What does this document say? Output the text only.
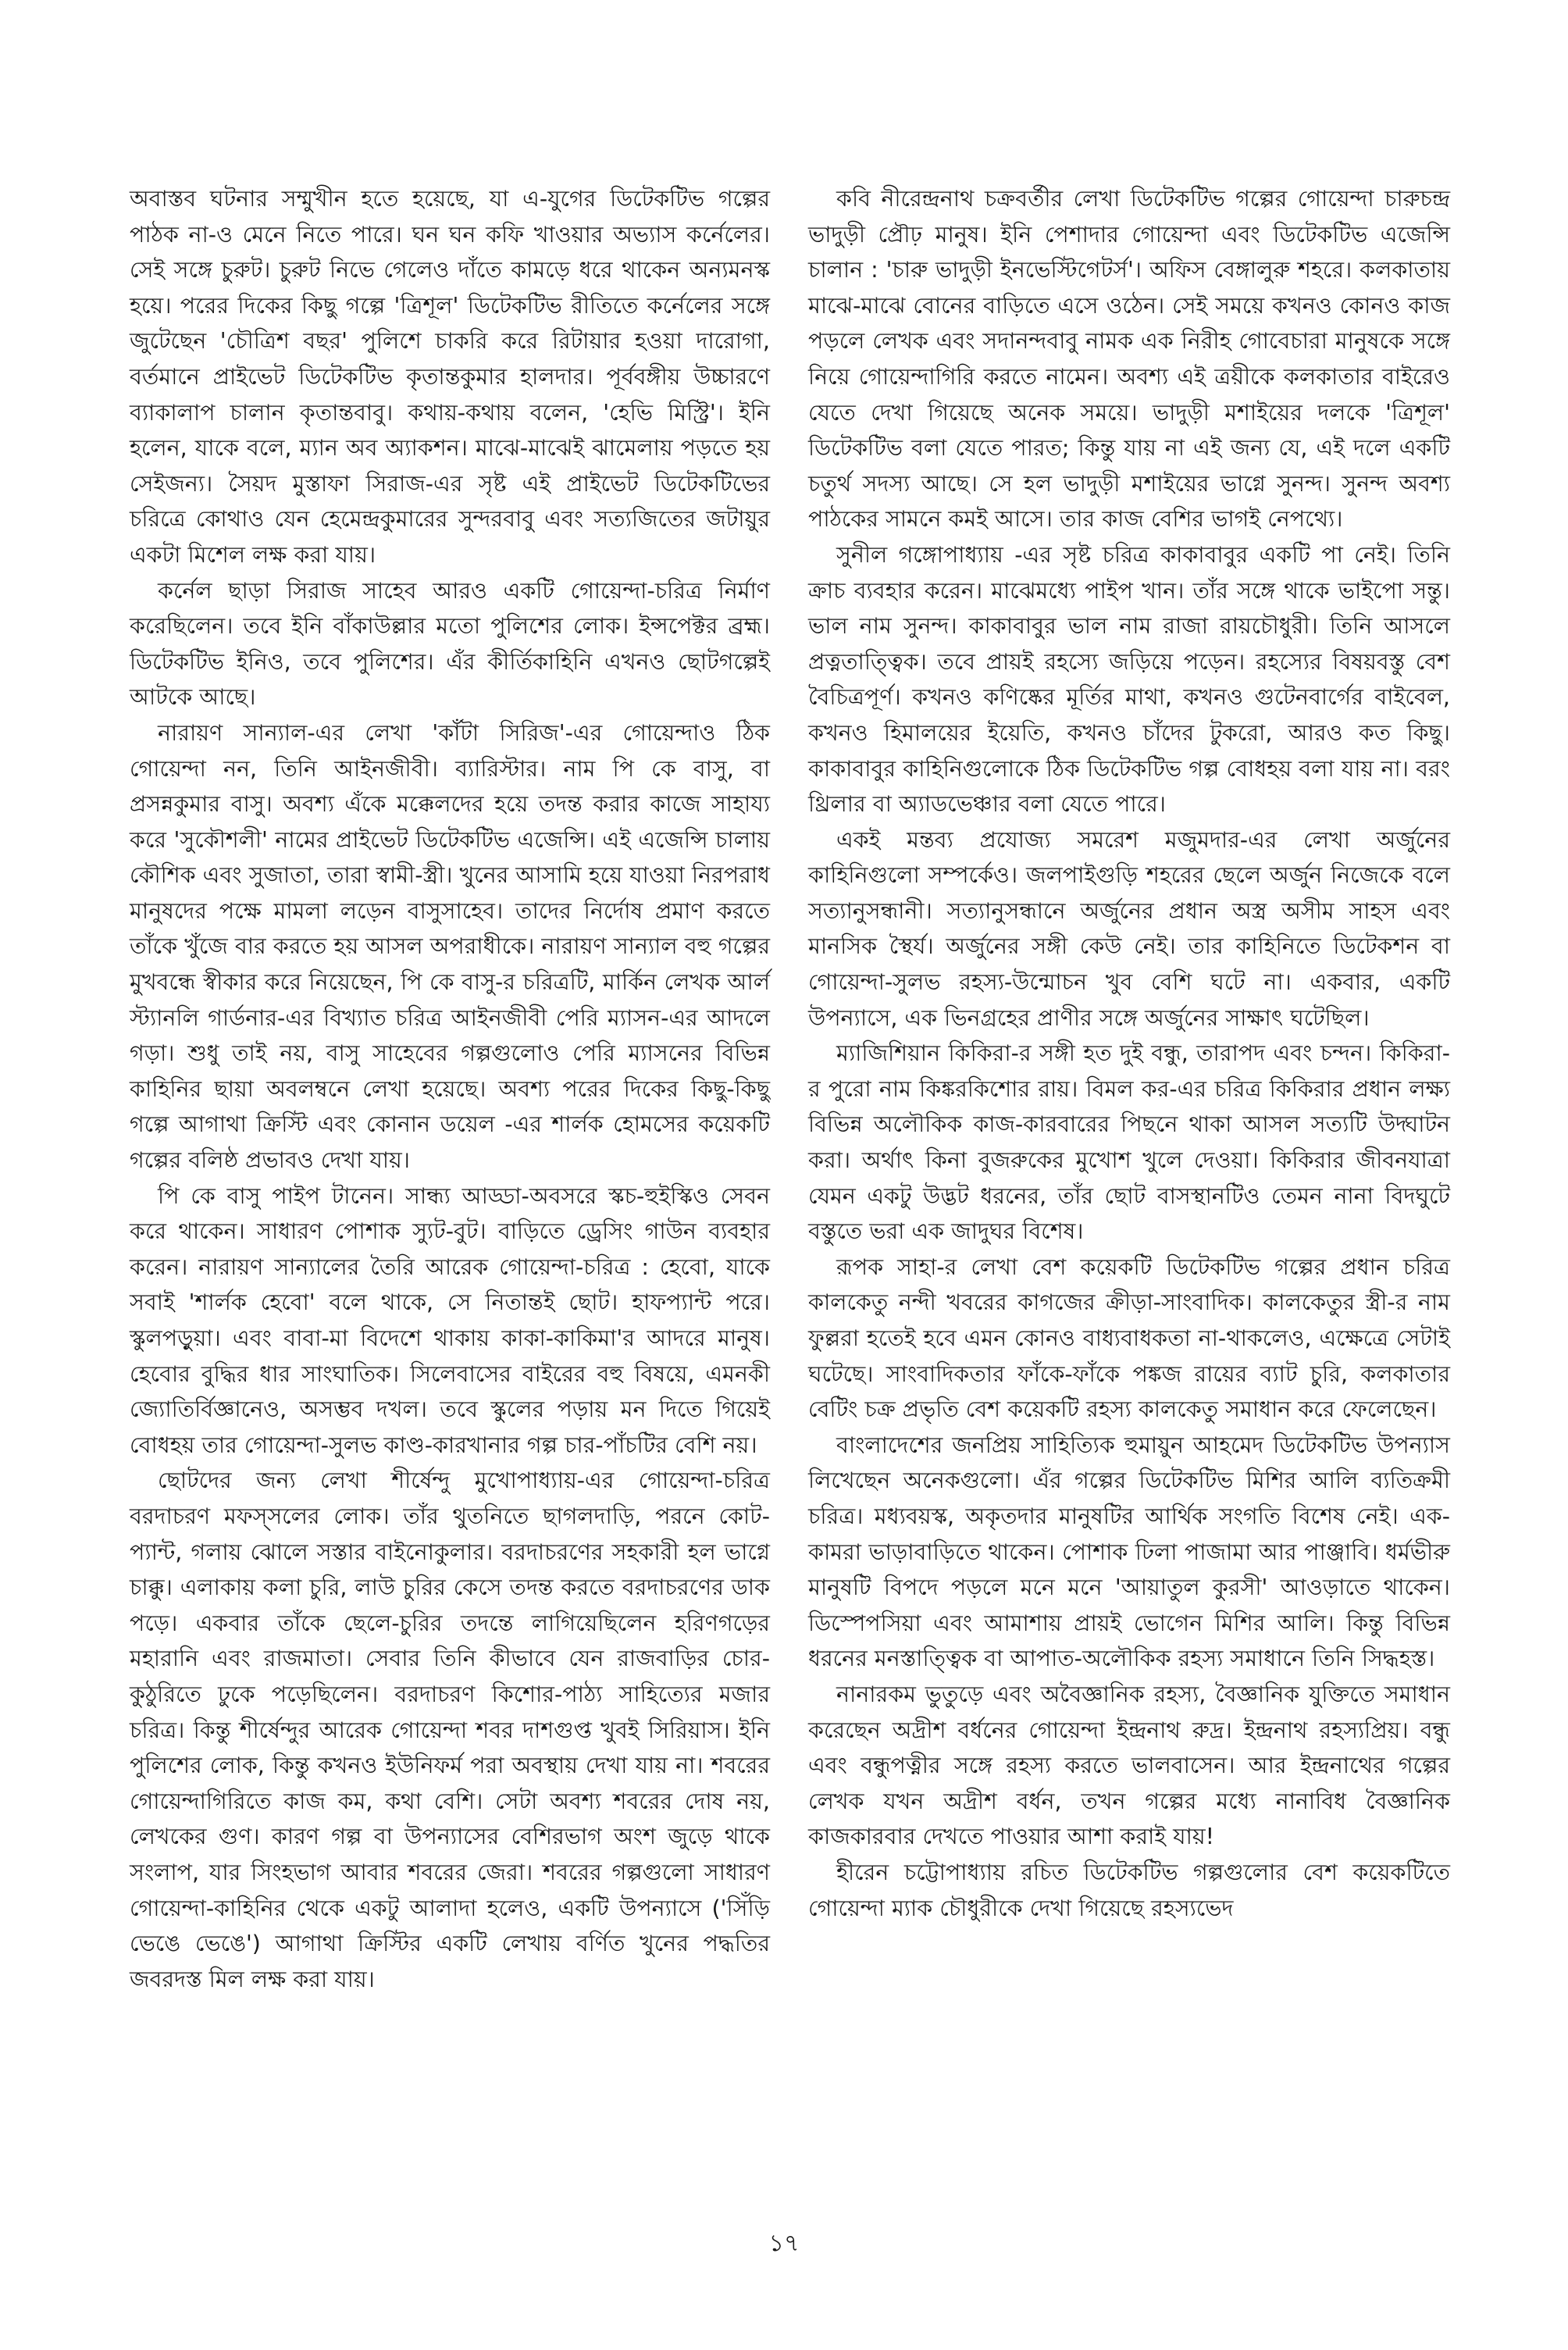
অবাস্তব ঘটনার সম্মুখীন হতে হয়েছে, যা এ-যুগের ডিটেকটিভ গল্পের পাঠক না-ও মেনে নিতে পারে। ঘন ঘন কফি খাওয়ার অভ্যাস কর্নেলের। সেই সঙ্গে চুরুট। চুরুট নিভে গেলেও দাঁতে কামড়ে ধরে থাকেন অন্যমনস্ক হয়ে। পরের দিকের কিছু গল্পে 'ত্রিশূল' ডিটেকটিভ রীতিতে কর্নেলের সঙ্গে জুটেছেন 'চৌত্রিশ বছর' পুলিশে চাকরি করে রিটায়ার হওয়া দারোগা, বর্তমানে প্রাইভেট ডিটেকটিভ কৃতান্তকুমার হালদার। পূর্ববঙ্গীয় উচ্চারণে ব্যাকালাপ চালান কৃতান্তবাবু। কথায়-কথায় বলেন, 'হেভি মিস্ট্রি'। ইনি হলেন, যাকে বলে, ম্যান অব অ্যাকশন। মাঝে-মাঝেই ঝামেলায় পড়তে হয় সেইজন্য। সৈয়দ মুস্তাফা সিরাজ-এর সৃষ্ট এই প্রাইভেট ডিটেকটিভের চরিত্রে কোথাও যেন হেমেন্দ্রকুমারের সুন্দরবাবু এবং সত্যজিতের জটায়ুর একটা মিশেল লক্ষ করা যায়।

কর্নেল ছাড়া সিরাজ সাহেব আরও একটি গোয়েন্দা-চরিত্র নির্মাণ করেছিলেন। তবে ইনি বাঁকাউল্লার মতো পুলিশের লোক। ইন্সপেক্টর ব্রহ্ম। ডিটেকটিভ ইনিও, তবে পুলিশের। এঁর কীর্তিকাহিনি এখনও ছোটগল্পেই আটকে আছে।

নারায়ণ সান্যাল-এর লেখা 'কাঁটা সিরিজ'-এর গোয়েন্দাও ঠিক গোয়েন্দা নন, তিনি আইনজীবী। ব্যারিস্টার। নাম পি কে বাসু, বা প্রসন্নকুমার বাসু। অবশ্য এঁকে মক্কেলদের হয়ে তদন্ত করার কাজে সাহায্য করে 'সুকৌশলী' নামের প্রাইভেট ডিটেকটিভ এজেন্সি। এই এজেন্সি চালায় কৌশিক এবং সুজাতা, তারা স্বামী-স্ত্রী। খুনের আসামি হয়ে যাওয়া নিরপরাধ মানুষদের পক্ষে মামলা লড়েন বাসুসাহেব। তাদের নির্দোষ প্রমাণ করতে তাঁকে খুঁজে বার করতে হয় আসল অপরাধীকে। নারায়ণ সান্যাল বহু গল্পের মুখবন্ধে স্বীকার করে নিয়েছেন, পি কে বাসু-র চরিত্রটি, মার্কিন লেখক আর্ল স্ট্যানলি গার্ডনার-এর বিখ্যাত চরিত্র আইনজীবী পেরি ম্যাসন-এর আদলে গড়া। শুধু তাই নয়, বাসু সাহেবের গল্পগুলোও পেরি ম্যাসনের বিভিন্ন কাহিনির ছায়া অবলম্বনে লেখা হয়েছে। অবশ্য পরের দিকের কিছু-কিছু গল্পে আগাথা ক্রিস্টি এবং কোনান ডয়েল -এর শার্লক হোমসের কয়েকটি গল্পের বলিষ্ঠ প্রভাবও দেখা যায়।

পি কে বাসু পাইপ টানেন। সান্ধ্য আড্ডা-অবসরে স্কচ-হুইস্কিও সেবন করে থাকেন। সাধারণ পোশাক স্যুট-বুট। বাড়িতে ড্রেসিং গাউন ব্যবহার করেন। নারায়ণ সান্যালের তৈরি আরেক গোয়েন্দা-চরিত্র : হেবো, যাকে সবাই 'শার্লক হেবো' বলে থাকে, সে নিতান্তই ছোট। হাফপ্যান্ট পরে। স্কুলপড়ুয়া। এবং বাবা-মা বিদেশে থাকায় কাকা-কাকিমা'র আদরে মানুষ। হেবোর বুদ্ধির ধার সাংঘাতিক। সিলেবাসের বাইরের বহু বিষয়ে, এমনকী জ্যোতির্বিজ্ঞানেও, অসম্ভব দখল। তবে স্কুলের পড়ায় মন দিতে গিয়েই বোধহয় তার গোয়েন্দা-সুলভ কাণ্ড-কারখানার গল্প চার-পাঁচটির বেশি নয়।

ছোটদের জন্য লেখা শীর্ষেন্দু মুখোপাধ্যায়-এর গোয়েন্দা-চরিত্র বরদাচরণ মফস্সলের লোক। তাঁর থুতনিতে ছাগলদাড়ি, পরনে কোট-প্যান্ট, গলায় ঝোলে সস্তার বাইনোকুলার। বরদাচরণের সহকারী হল ভাগ্নে চাক্কু। এলাকায় কলা চুরি, লাউ চুরির কেসে তদন্ত করতে বরদাচরণের ডাক পড়ে। একবার তাঁকে ছেলে-চুরির তদন্তে লাগিয়েছিলেন হরিণগড়ের মহারানি এবং রাজমাতা। সেবার তিনি কীভাবে যেন রাজবাড়ির চোর-কুঠুরিতে ঢুকে পড়েছিলেন। বরদাচরণ কিশোর-পাঠ্য সাহিত্যের মজার চরিত্র। কিন্তু শীর্ষেন্দুর আরেক গোয়েন্দা শবর দাশগুপ্ত খুবই সিরিয়াস। ইনি পুলিশের লোক, কিন্তু কখনও ইউনিফর্ম পরা অবস্থায় দেখা যায় না। শবরের গোয়েন্দাগিরিতে কাজ কম, কথা বেশি। সেটা অবশ্য শবরের দোষ নয়, লেখকের গুণ। কারণ গল্প বা উপন্যাসের বেশিরভাগ অংশ জুড়ে থাকে সংলাপ, যার সিংহভাগ আবার শবরের জেরা। শবরের গল্পগুলো সাধারণ গোয়েন্দা-কাহিনির থেকে একটু আলাদা হলেও, একটি উপন্যাসে ('সিঁড়ি ভেঙে ভেঙে') আগাথা ক্রিস্টির একটি লেখায় বর্ণিত খুনের পদ্ধতির জবরদস্ত মিল লক্ষ করা যায়।

কবি নীরেন্দ্রনাথ চক্রবর্তীর লেখা ডিটেকটিভ গল্পের গোয়েন্দা চারুচন্দ্র ভাদুড়ী প্রৌঢ় মানুষ। ইনি পেশাদার গোয়েন্দা এবং ডিটেকটিভ এজেন্সি চালান : 'চারু ভাদুড়ী ইনভেস্টিগেটর্স'। অফিস বেঙ্গালুরু শহরে। কলকাতায় মাঝে-মাঝে বোনের বাড়িতে এসে ওঠেন। সেই সময়ে কখনও কোনও কাজ পড়লে লেখক এবং সদানন্দবাবু নামক এক নিরীহ গোবেচারা মানুষকে সঙ্গে নিয়ে গোয়েন্দাগিরি করতে নামেন। অবশ্য এই ত্রয়ীকে কলকাতার বাইরেও যেতে দেখা গিয়েছে অনেক সময়ে। ভাদুড়ী মশাইয়ের দলকে 'ত্রিশূল' ডিটেকটিভ বলা যেতে পারত; কিন্তু যায় না এই জন্য যে, এই দলে একটি চতুর্থ সদস্য আছে। সে হল ভাদুড়ী মশাইয়ের ভাগ্নে সুনন্দ। সুনন্দ অবশ্য পাঠকের সামনে কমই আসে। তার কাজ বেশির ভাগই নেপথ্যে।

সুনীল গঙ্গোপাধ্যায় -এর সৃষ্ট চরিত্র কাকাবাবুর একটি পা নেই। তিনি ক্রাচ ব্যবহার করেন। মাঝেমধ্যে পাইপ খান। তাঁর সঙ্গে থাকে ভাইপো সন্তু। ভাল নাম সুনন্দ। কাকাবাবুর ভাল নাম রাজা রায়চৌধুরী। তিনি আসলে প্রত্নতাত্ত্বিক। তবে প্রায়ই রহস্যে জড়িয়ে পড়েন। রহস্যের বিষয়বস্তু বেশ বৈচিত্রপূর্ণ। কখনও কণিষ্কের মূর্তির মাথা, কখনও গুটেনবার্গের বাইবেল, কখনও হিমালয়ের ইয়েতি, কখনও চাঁদের টুকরো, আরও কত কিছু। কাকাবাবুর কাহিনিগুলোকে ঠিক ডিটেকটিভ গল্প বোধহয় বলা যায় না। বরং থ্রিলার বা অ্যাডভেঞ্চার বলা যেতে পারে।

একই মন্তব্য প্রযোজ্য সমরেশ মজুমদার-এর লেখা অর্জুনের কাহিনিগুলো সম্পর্কেও। জলপাইগুড়ি শহরের ছেলে অর্জুন নিজেকে বলে সত্যানুসন্ধানী। সত্যানুসন্ধানে অর্জুনের প্রধান অস্ত্র অসীম সাহস এবং মানসিক স্থৈর্য। অর্জুনের সঙ্গী কেউ নেই। তার কাহিনিতে ডিটেকশন বা গোয়েন্দা-সুলভ রহস্য-উন্মোচন খুব বেশি ঘটে না। একবার, একটি উপন্যাসে, এক ভিনগ্রহের প্রাণীর সঙ্গে অর্জুনের সাক্ষাৎ ঘটেছিল।

ম্যাজিশিয়ান কিকিরা-র সঙ্গী হত দুই বন্ধু, তারাপদ এবং চন্দন। কিকিরা-র পুরো নাম কিঙ্করকিশোর রায়। বিমল কর-এর চরিত্র কিকিরার প্রধান লক্ষ্য বিভিন্ন অলৌকিক কাজ-কারবারের পিছনে থাকা আসল সত্যটি উদ্ঘাটন করা। অর্থাৎ কিনা বুজরুকের মুখোশ খুলে দেওয়া। কিকিরার জীবনযাত্রা যেমন একটু উদ্ভট ধরনের, তাঁর ছোট বাসস্থানটিও তেমন নানা বিদঘুটে বস্তুতে ভরা এক জাদুঘর বিশেষ।

রূপক সাহা-র লেখা বেশ কয়েকটি ডিটেকটিভ গল্পের প্রধান চরিত্র কালকেতু নন্দী খবরের কাগজের ক্রীড়া-সাংবাদিক। কালকেতুর স্ত্রী-র নাম ফুল্লরা হতেই হবে এমন কোনও বাধ্যবাধকতা না-থাকলেও, এক্ষেত্রে সেটাই ঘটেছে। সাংবাদিকতার ফাঁকে-ফাঁকে পঙ্কজ রায়ের ব্যাট চুরি, কলকাতার বেটিং চক্র প্রভৃতি বেশ কয়েকটি রহস্য কালকেতু সমাধান করে ফেলেছেন।

বাংলাদেশের জনপ্রিয় সাহিত্যিক হুমায়ুন আহমেদ ডিটেকটিভ উপন্যাস লিখেছেন অনেকগুলো। এঁর গল্পের ডিটেকটিভ মিশির আলি ব্যতিক্রমী চরিত্র। মধ্যবয়স্ক, অকৃতদার মানুষটির আর্থিক সংগতি বিশেষ নেই। এক-কামরা ভাড়াবাড়িতে থাকেন। পোশাক ঢিলা পাজামা আর পাঞ্জাবি। ধর্মভীরু মানুষটি বিপদে পড়লে মনে মনে 'আয়াতুল কুরসী' আওড়াতে থাকেন। ডিস্পেপসিয়া এবং আমাশায় প্রায়ই ভোগেন মিশির আলি। কিন্তু বিভিন্ন ধরনের মনস্তাত্ত্বিক বা আপাত-অলৌকিক রহস্য সমাধানে তিনি সিদ্ধহস্ত।

নানারকম ভুতুড়ে এবং অবৈজ্ঞানিক রহস্য, বৈজ্ঞানিক যুক্তিতে সমাধান করেছেন অদ্রীশ বর্ধনের গোয়েন্দা ইন্দ্রনাথ রুদ্র। ইন্দ্রনাথ রহস্যপ্রিয়। বন্ধু এবং বন্ধুপত্নীর সঙ্গে রহস্য করতে ভালবাসেন। আর ইন্দ্রনাথের গল্পের লেখক যখন অদ্রীশ বর্ধন, তখন গল্পের মধ্যে নানাবিধ বৈজ্ঞানিক কাজকারবার দেখতে পাওয়ার আশা করাই যায়!

হীরেন চট্টোপাধ্যায় রচিত ডিটেকটিভ গল্পগুলোর বেশ কয়েকটিতে গোয়েন্দা ম্যাক চৌধুরীকে দেখা গিয়েছে রহস্যভেদ

১৭
